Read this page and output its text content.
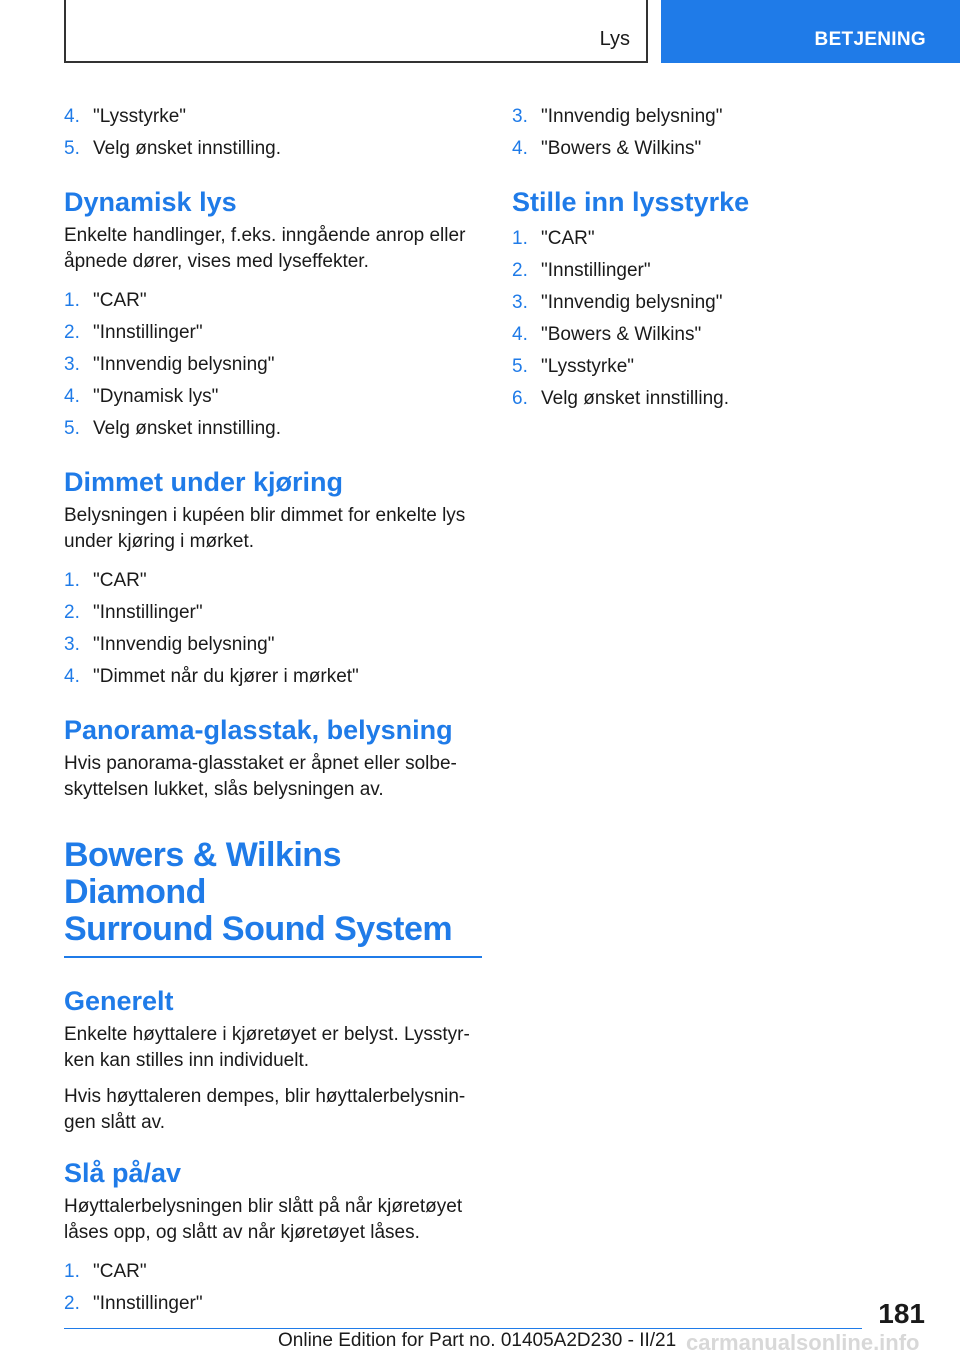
Lys	BETJENING
4. "Lysstyrke"
5. Velg ønsket innstilling.
Dynamisk lys

Enkelte handlinger, f.eks. inngående anrop eller åpnede dører, vises med lyseffekter.

1. "CAR"
2. "Innstillinger"
3. "Innvendig belysning"
4. "Dynamisk lys"
5. Velg ønsket innstilling.
Dimmet under kjøring

Belysningen i kupéen blir dimmet for enkelte lys under kjøring i mørket.

1. "CAR"
2. "Innstillinger"
3. "Innvendig belysning"
4. "Dimmet når du kjører i mørket"
Panorama-glasstak, belysning

Hvis panorama-glasstaket er åpnet eller solbe-skyttelsen lukket, slås belysningen av.

Bowers & Wilkins Diamond
Surround Sound System
Generelt

Enkelte høyttalere i kjøretøyet er belyst. Lysstyr-ken kan stilles inn individuelt.

Hvis høyttaleren dempes, blir høyttalerbelysnin-gen slått av.

Slå på/av

Høyttalerbelysningen blir slått på når kjøretøyet låses opp, og slått av når kjøretøyet låses.

1. "CAR"
2. "Innstillinger"
3. "Innvendig belysning"
4. "Bowers & Wilkins"
Stille inn lysstyrke
1. "CAR"
2. "Innstillinger"
3. "Innvendig belysning"
4. "Bowers & Wilkins"
5. "Lysstyrke"
6. Velg ønsket innstilling.
181
Online Edition for Part no. 01405A2D230 - II/21 carmanualsonline.info
